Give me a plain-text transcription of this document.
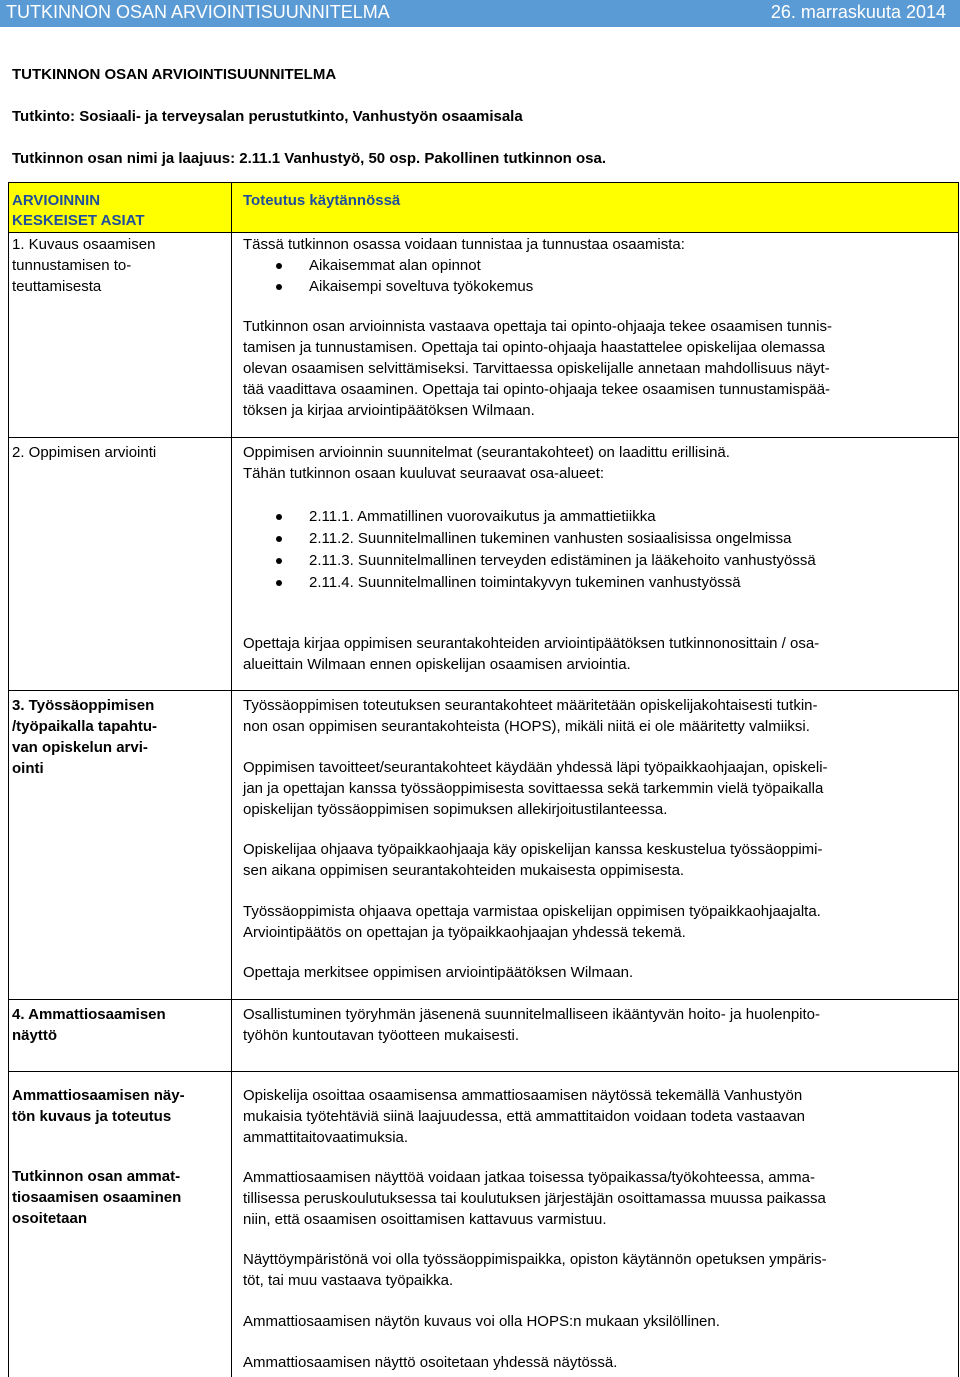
TUTKINNON OSAN ARVIOINTISUUNNITELMA	26. marraskuuta 2014
TUTKINNON OSAN ARVIOINTISUUNNITELMA
Tutkinto: Sosiaali- ja terveysalan perustutkinto, Vanhustyön osaamisala
Tutkinnon osan nimi ja laajuus: 2.11.1 Vanhustyö, 50 osp. Pakollinen tutkinnon osa.
ARVIOINNIN
KESKEISET ASIAT
Toteutus käytännössä
1. Kuvaus osaamisen
tunnustamisen to-
teuttamisesta
Tässä tutkinnon osassa voidaan tunnistaa ja tunnustaa osaamista:
Aikaisemmat alan opinnot
Aikaisempi soveltuva työkokemus
Tutkinnon osan arvioinnista vastaava opettaja tai opinto-ohjaaja tekee osaamisen tunnis-
tamisen ja tunnustamisen. Opettaja tai opinto-ohjaaja haastattelee opiskelijaa olemassa
olevan osaamisen selvittämiseksi. Tarvittaessa opiskelijalle annetaan mahdollisuus näyt-
tää vaadittava osaaminen. Opettaja tai opinto-ohjaaja tekee osaamisen tunnustamispää-
töksen ja kirjaa arviointipäätöksen Wilmaan.
2. Oppimisen arviointi	Oppimisen arvioinnin suunnitelmat (seurantakohteet) on laadittu erillisinä.
Tähän tutkinnon osaan kuuluvat seuraavat osa-alueet:
2.11.1. Ammatillinen vuorovaikutus ja ammattietiikka
2.11.2. Suunnitelmallinen tukeminen vanhusten sosiaalisissa ongelmissa
2.11.3. Suunnitelmallinen terveyden edistäminen ja lääkehoito vanhustyössä
2.11.4. Suunnitelmallinen toimintakyvyn tukeminen vanhustyössä
Opettaja kirjaa oppimisen seurantakohteiden arviointipäätöksen tutkinnonosittain / osa-
alueittain Wilmaan ennen opiskelijan osaamisen arviointia.
3. Työssäoppimisen
/työpaikalla tapahtu-
van opiskelun arvi-
ointi
Työssäoppimisen toteutuksen seurantakohteet määritetään opiskelijakohtaisesti tutkin-
non osan oppimisen seurantakohteista (HOPS), mikäli niitä ei ole määritetty valmiiksi.
Oppimisen tavoitteet/seurantakohteet käydään yhdessä läpi työpaikkaohjaajan, opiskeli-
jan ja opettajan kanssa työssäoppimisesta sovittaessa sekä tarkemmin vielä työpaikalla
opiskelijan työssäoppimisen sopimuksen allekirjoitustilanteessa.
Opiskelijaa ohjaava työpaikkaohjaaja käy opiskelijan kanssa keskustelua työssäoppimi-
sen aikana oppimisen seurantakohteiden mukaisesta oppimisesta.
Työssäoppimista ohjaava opettaja varmistaa opiskelijan oppimisen työpaikkaohjaajalta.
Arviointipäätös on opettajan ja työpaikkaohjaajan yhdessä tekemä.
Opettaja merkitsee oppimisen arviointipäätöksen Wilmaan.
4. Ammattiosaamisen
näyttö
Osallistuminen työryhmän jäsenenä suunnitelmalliseen ikääntyvän hoito- ja huolenpito-
työhön kuntoutavan työotteen mukaisesti.
Ammattiosaamisen näy-
tön kuvaus ja toteutus
Tutkinnon osan ammat-
tiosaamisen osaaminen
osoitetaan
Opiskelija osoittaa osaamisensa ammattiosaamisen näytössä tekemällä Vanhustyön
mukaisia työtehtäviä siinä laajuudessa, että ammattitaidon voidaan todeta vastaavan
ammattitaitovaatimuksia.
Ammattiosaamisen näyttöä voidaan jatkaa toisessa työpaikassa/työkohteessa, amma-
tillisessa peruskoulutuksessa tai koulutuksen järjestäjän osoittamassa muussa paikassa
niin, että osaamisen osoittamisen kattavuus varmistuu.
Näyttöympäristönä voi olla työssäoppimispaikka, opiston käytännön opetuksen ympäris-
töt, tai muu vastaava työpaikka.
Ammattiosaamisen näytön kuvaus voi olla HOPS:n mukaan yksilöllinen.
Ammattiosaamisen näyttö osoitetaan yhdessä näytössä.
